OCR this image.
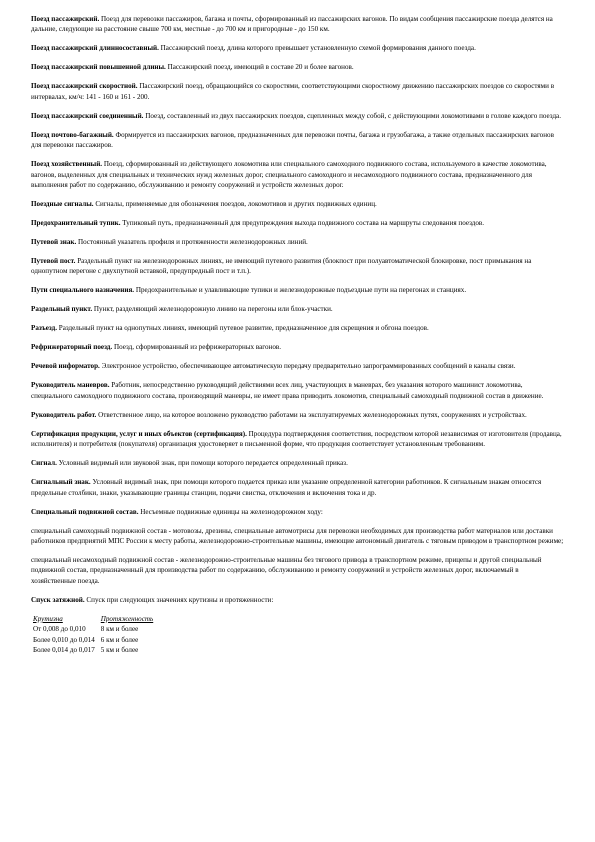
Поезд пассажирский. Поезд для перевозки пассажиров, багажа и почты, сформированный из пассажирских вагонов. По видам сообщения пассажирские поезда делятся на дальние, следующие на расстояние свыше 700 км, местные - до 700 км и пригородные - до 150 км.

Поезд пассажирский длинносоставный. Пассажирский поезд, длина которого превышает установленную схемой формирования данного поезда.

Поезд пассажирский повышенной длины. Пассажирский поезд, имеющий в составе 20 и более вагонов.

Поезд пассажирский скоростной. Пассажирский поезд, обращающийся со скоростями, соответствующими скоростному движению пассажирских поездов со скоростями в интервалах, км/ч: 141 - 160 и 161 - 200.

Поезд пассажирский соединенный. Поезд, составленный из двух пассажирских поездов, сцепленных между собой, с действующими локомотивами в голове каждого поезда.

Поезд почтово-багажный. Формируется из пассажирских вагонов, предназначенных для перевозки почты, багажа и грузобагажа, а также отдельных пассажирских вагонов для перевозки пассажиров.

Поезд хозяйственный. Поезд, сформированный из действующего локомотива или специального самоходного подвижного состава, используемого в качестве локомотива, вагонов, выделенных для специальных и технических нужд железных дорог, специального самоходного и несамоходного подвижного состава, предназначенного для выполнения работ по содержанию, обслуживанию и ремонту сооружений и устройств железных дорог.

Поездные сигналы. Сигналы, применяемые для обозначения поездов, локомотивов и других подвижных единиц.

Предохранительный тупик. Тупиковый путь, предназначенный для предупреждения выхода подвижного состава на маршруты следования поездов.

Путевой знак. Постоянный указатель профиля и протяженности железнодорожных линий.

Путевой пост. Раздельный пункт на железнодорожных линиях, не имеющий путевого развития (блокпост при полуавтоматической блокировке, пост примыкания на однопутном перегоне с двухпутной вставкой, предупредный пост и т.п.).

Пути специального назначения. Предохранительные и улавливающие тупики и железнодорожные подъездные пути на перегонах и станциях.

Раздельный пункт. Пункт, разделяющий железнодорожную линию на перегоны или блок-участки.

Разъезд. Раздельный пункт на однопутных линиях, имеющий путевое развитие, предназначенное для скрещения и обгона поездов.

Рефрижераторный поезд. Поезд, сформированный из рефрижераторных вагонов.

Речевой информатор. Электронное устройство, обеспечивающее автоматическую передачу предварительно запрограммированных сообщений в каналы связи.

Руководитель маневров. Работник, непосредственно руководящий действиями всех лиц, участвующих в маневрах, без указания которого машинист локомотива, специального самоходного подвижного состава, производящий маневры, не имеет права приводить локомотив, специальный самоходный подвижной состав в движение.

Руководитель работ. Ответственное лицо, на которое возложено руководство работами на эксплуатируемых железнодорожных путях, сооружениях и устройствах.

Сертификация продукции, услуг и иных объектов (сертификация). Процедура подтверждения соответствия, посредством которой независимая от изготовителя (продавца, исполнителя) и потребителя (покупателя) организация удостоверяет в письменной форме, что продукция соответствует установленным требованиям.

Сигнал. Условный видимый или звуковой знак, при помощи которого передается определенный приказ.

Сигнальный знак. Условный видимый знак, при помощи которого подается приказ или указание определенной категории работников. К сигнальным знакам относятся предельные столбики, знаки, указывающие границы станции, подачи свистка, отключения и включения тока и др.

Специальный подвижной состав. Несъемные подвижные единицы на железнодорожном ходу:

специальный самоходный подвижной состав - мотовозы, дрезины, специальные автомотрисы для перевозки необходимых для производства работ материалов или доставки работников предприятий МПС России к месту работы, железнодорожно-строительные машины, имеющие автономный двигатель с тяговым приводом в транспортном режиме;

специальный несамоходный подвижной состав - железнодорожно-строительные машины без тягового привода в транспортном режиме, прицепы и другой специальный подвижной состав, предназначенный для производства работ по содержанию, обслуживанию и ремонту сооружений и устройств железных дорог, включаемый в хозяйственные поезда.

Спуск затяжной. Спуск при следующих значениях крутизны и протяженности:

Крутизна	Протяженность
От 0,008 до 0,010	8 км и более
Более 0,010 до 0,014	6 км и более
Более 0,014 до 0,017	5 км и более
